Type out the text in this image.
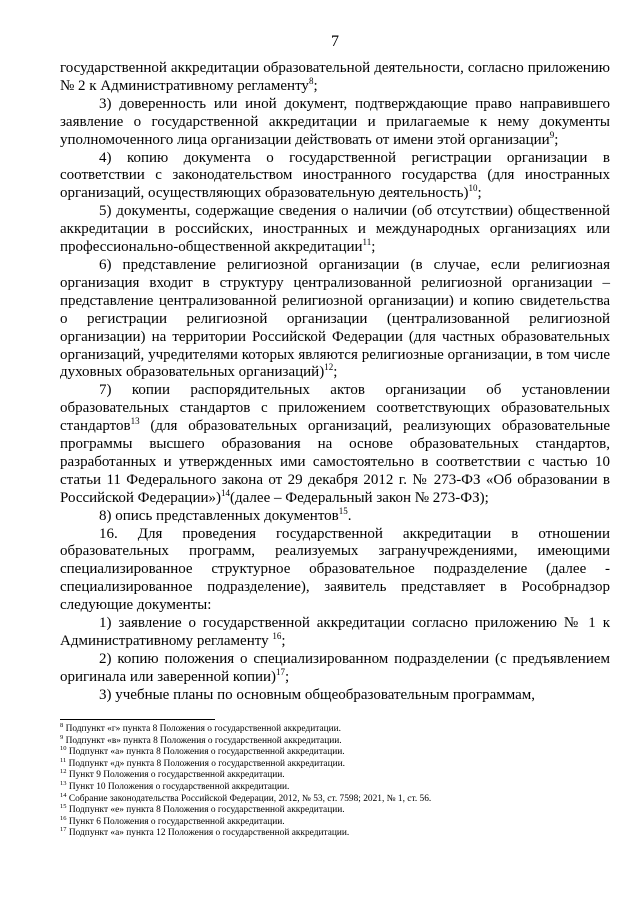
7

государственной аккредитации образовательной деятельности, согласно приложению № 2 к Административному регламенту$^8$;

3) доверенность или иной документ, подтверждающие право направившего заявление о государственной аккредитации и прилагаемые к нему документы уполномоченного лица организации действовать от имени этой организации$^9$;

4) копию документа о государственной регистрации организации в соответствии с законодательством иностранного государства (для иностранных организаций, осуществляющих образовательную деятельность)$^{10}$;

5) документы, содержащие сведения о наличии (об отсутствии) общественной аккредитации в российских, иностранных и международных организациях или профессионально-общественной аккредитации$^{11}$;

6) представление религиозной организации (в случае, если религиозная организация входит в структуру централизованной религиозной организации – представление централизованной религиозной организации) и копию свидетельства о регистрации религиозной организации (централизованной религиозной организации) на территории Российской Федерации (для частных образовательных организаций, учредителями которых являются религиозные организации, в том числе духовных образовательных организаций)$^{12}$;

7) копии распорядительных актов организации об установлении образовательных стандартов с приложением соответствующих образовательных стандартов$^{13}$ (для образовательных организаций, реализующих образовательные программы высшего образования на основе образовательных стандартов, разработанных и утвержденных ими самостоятельно в соответствии с частью 10 статьи 11 Федерального закона от 29 декабря 2012 г. № 273-ФЗ «Об образовании в Российской Федерации»)$^{14}$(далее – Федеральный закон № 273-ФЗ);

8) опись представленных документов$^{15}$.

16. Для проведения государственной аккредитации в отношении образовательных программ, реализуемых загранучреждениями, имеющими специализированное структурное образовательное подразделение (далее - специализированное подразделение), заявитель представляет в Рособрнадзор следующие документы:

1) заявление о государственной аккредитации согласно приложению № 1 к Административному регламенту $^{16}$;

2) копию положения о специализированном подразделении (с предъявлением оригинала или заверенной копии)$^{17}$;

3) учебные планы по основным общеобразовательным программам,

$^8$ Подпункт «г» пункта 8 Положения о государственной аккредитации.

$^9$ Подпункт «в» пункта 8 Положения о государственной аккредитации.

$^{10}$ Подпункт «а» пункта 8 Положения о государственной аккредитации.

$^{11}$ Подпункт «д» пункта 8 Положения о государственной аккредитации.

$^{12}$ Пункт 9 Положения о государственной аккредитации.

$^{13}$ Пункт 10 Положения о государственной аккредитации.

$^{14}$ Собрание законодательства Российской Федерации, 2012, № 53, ст. 7598; 2021, № 1, ст. 56.

$^{15}$ Подпункт «е» пункта 8 Положения о государственной аккредитации.

$^{16}$ Пункт 6 Положения о государственной аккредитации.

$^{17}$ Подпункт «а» пункта 12 Положения о государственной аккредитации.
